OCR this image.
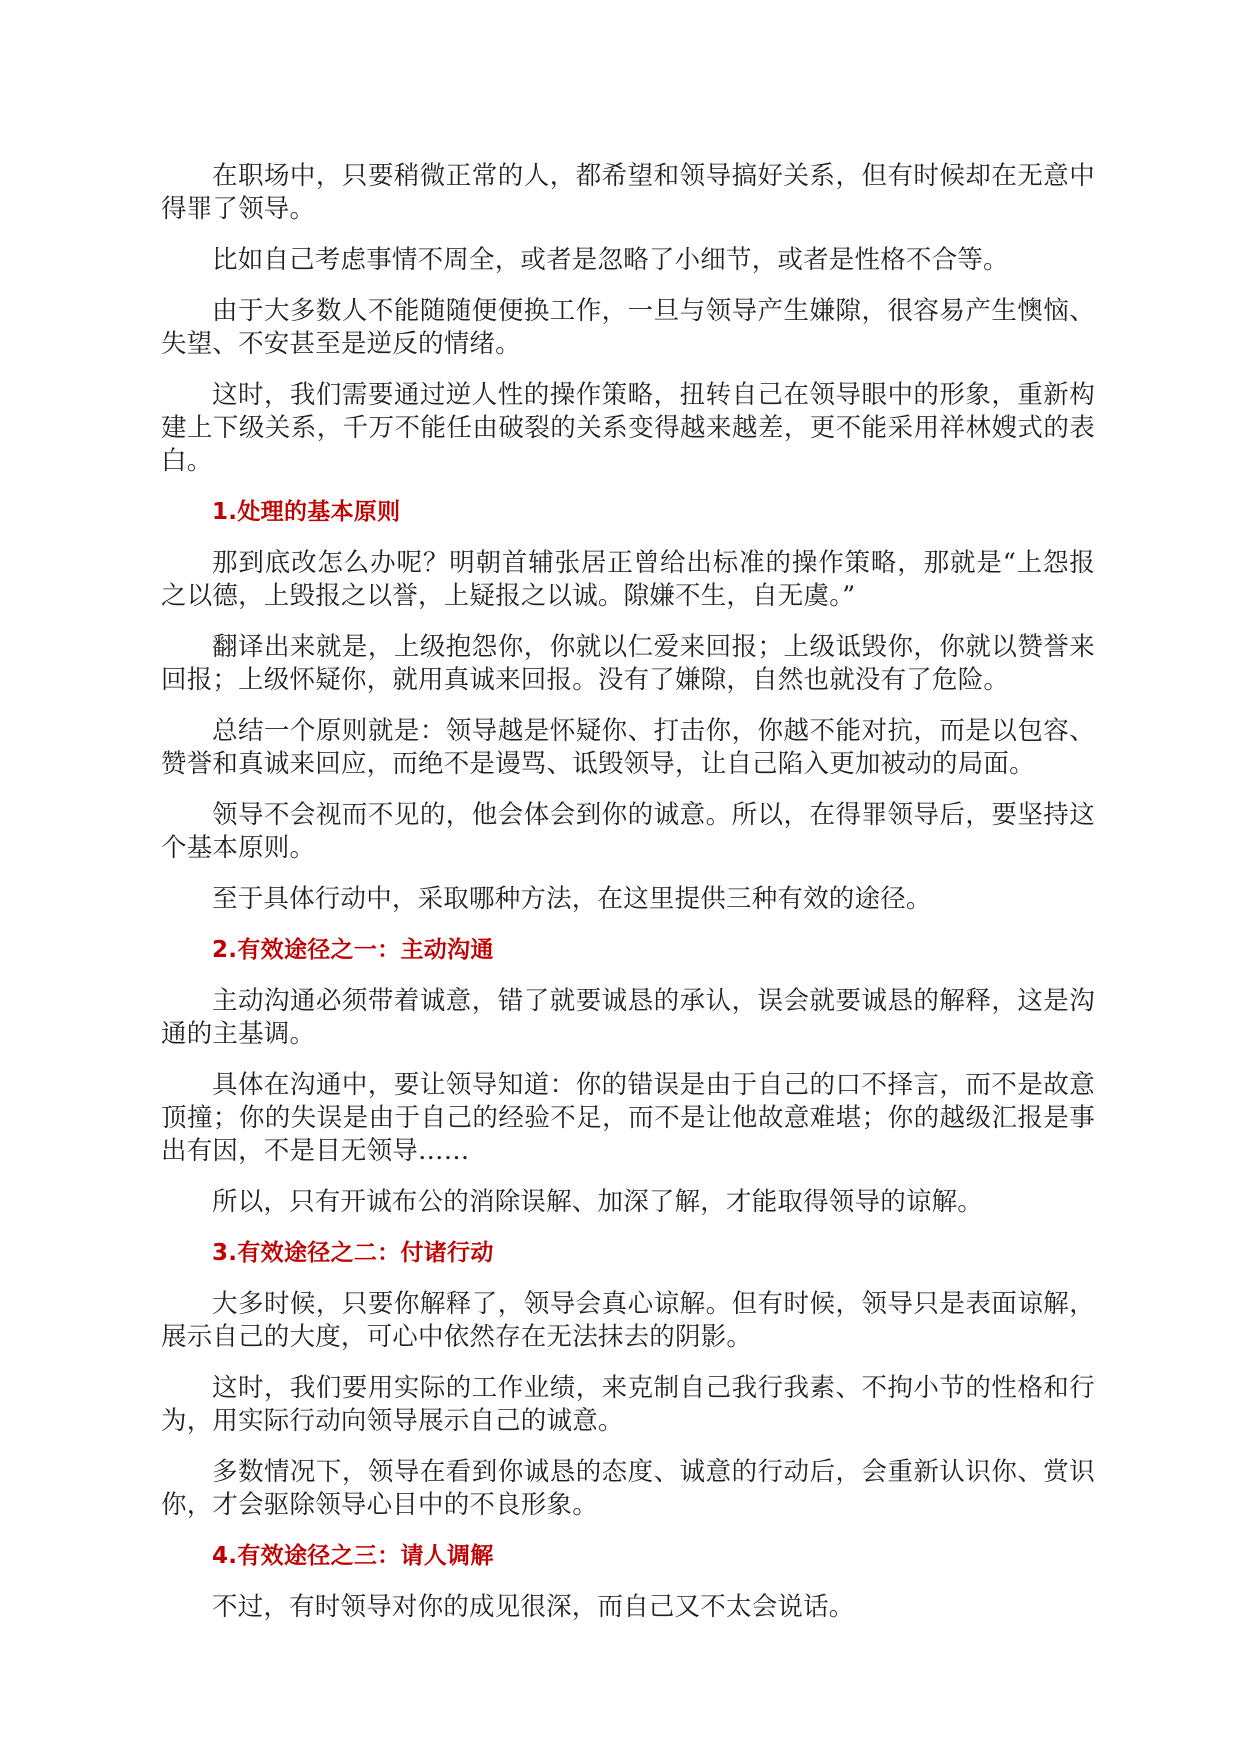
在职场中，只要稍微正常的人，都希望和领导搞好关系，但有时候却在无意中得罪了领导。

比如自己考虑事情不周全，或者是忽略了小细节，或者是性格不合等。

由于大多数人不能随随便便换工作，一旦与领导产生嫌隙，很容易产生懊恼、失望、不安甚至是逆反的情绪。

这时，我们需要通过逆人性的操作策略，扭转自己在领导眼中的形象，重新构建上下级关系，千万不能任由破裂的关系变得越来越差，更不能采用祥林嫂式的表白。

1.处理的基本原则

那到底改怎么办呢？明朝首辅张居正曾给出标准的操作策略，那就是“上怨报之以德，上毁报之以誉，上疑报之以诚。隙嫌不生，自无虞。”

翻译出来就是，上级抱怨你，你就以仁爱来回报；上级诋毁你，你就以赞誉来回报；上级怀疑你，就用真诚来回报。没有了嫌隙，自然也就没有了危险。

总结一个原则就是：领导越是怀疑你、打击你，你越不能对抗，而是以包容、赞誉和真诚来回应，而绝不是谩骂、诋毁领导，让自己陷入更加被动的局面。

领导不会视而不见的，他会体会到你的诚意。所以，在得罪领导后，要坚持这个基本原则。

至于具体行动中，采取哪种方法，在这里提供三种有效的途径。

2.有效途径之一：主动沟通

主动沟通必须带着诚意，错了就要诚恳的承认，误会就要诚恳的解释，这是沟通的主基调。

具体在沟通中，要让领导知道：你的错误是由于自己的口不择言，而不是故意顶撞；你的失误是由于自己的经验不足，而不是让他故意难堪；你的越级汇报是事出有因，不是目无领导……

所以，只有开诚布公的消除误解、加深了解，才能取得领导的谅解。

3.有效途径之二：付诸行动

大多时候，只要你解释了，领导会真心谅解。但有时候，领导只是表面谅解，展示自己的大度，可心中依然存在无法抹去的阴影。

这时，我们要用实际的工作业绩，来克制自己我行我素、不拘小节的性格和行为，用实际行动向领导展示自己的诚意。

多数情况下，领导在看到你诚恳的态度、诚意的行动后，会重新认识你、赏识你，才会驱除领导心目中的不良形象。

4.有效途径之三：请人调解

不过，有时领导对你的成见很深，而自己又不太会说话。
